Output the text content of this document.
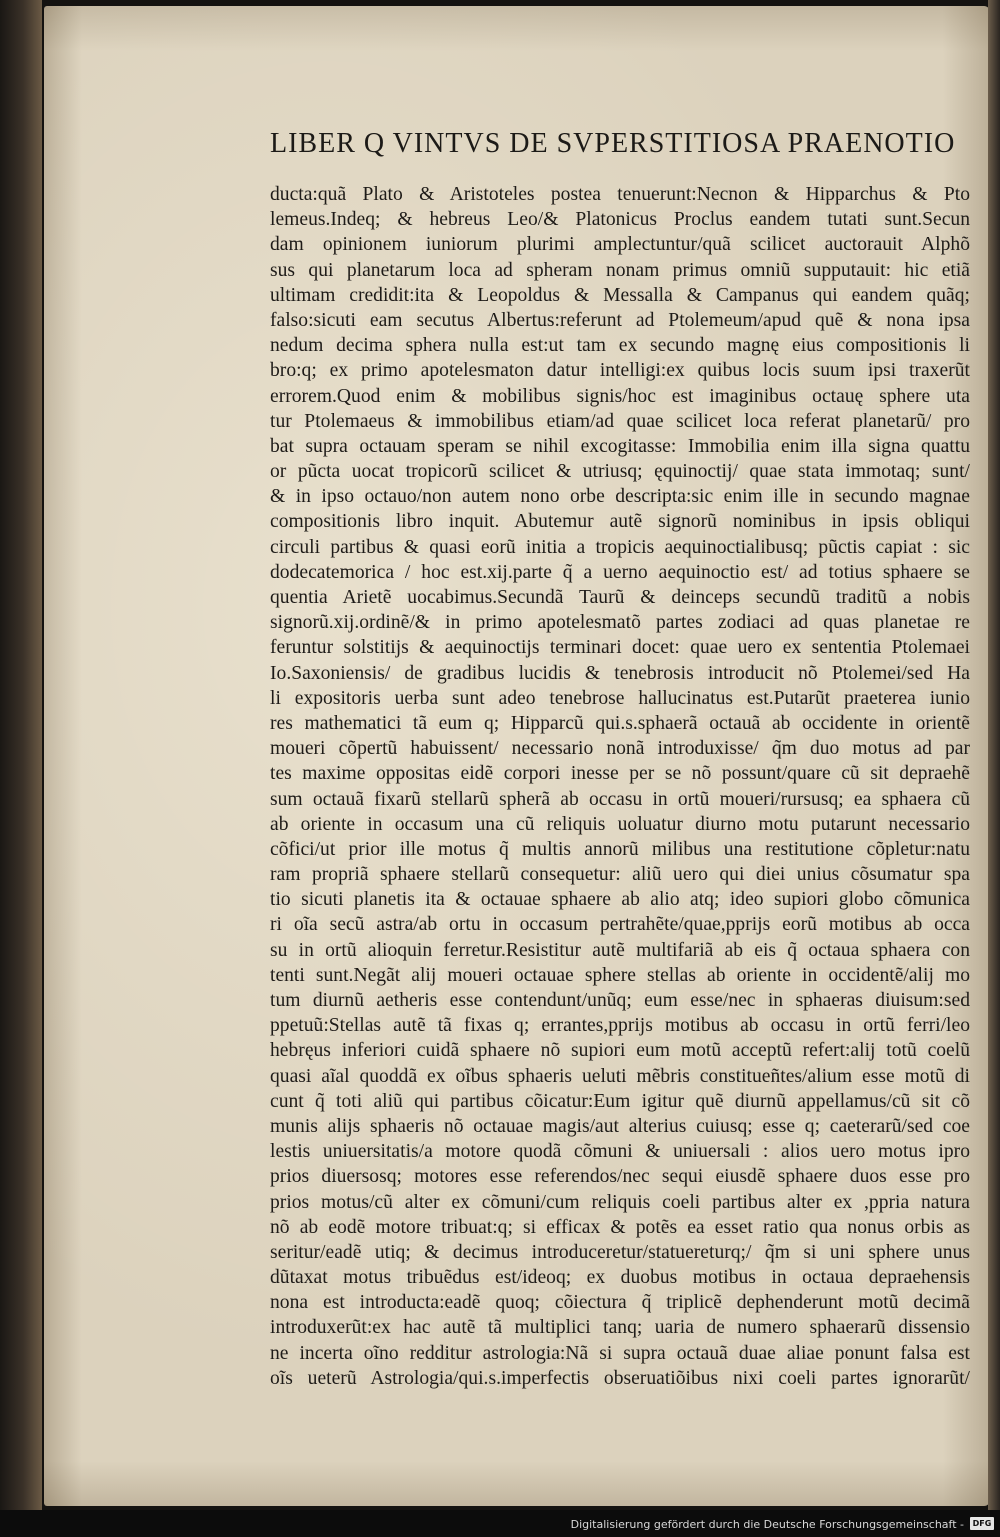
LIBER Q VINTVS DE SVPERSTITIOSA PRAENOTIO
ducta:quã Plato & Aristoteles postea tenuerunt:Necnon & Hipparchus & Pto
lemeus.Indeq; & hebreus Leo/& Platonicus Proclus eandem tutati sunt.Secun
dam opinionem iuniorum plurimi amplectuntur/quã scilicet auctorauit Alphõ
sus qui planetarum loca ad spheram nonam primus omniũ supputauit: hic etiã
ultimam credidit:ita & Leopoldus & Messalla & Campanus qui eandem quãq;
falso:sicuti eam secutus Albertus:referunt ad Ptolemeum/apud quẽ & nona ipsa
nedum decima sphera nulla est:ut tam ex secundo magnę eius compositionis li
bro:q; ex primo apotelesmaton datur intelligi:ex quibus locis suum ipsi traxerũt
errorem.Quod enim & mobilibus signis/hoc est imaginibus octauę sphere uta
tur Ptolemaeus & immobilibus etiam/ad quae scilicet loca referat planetarũ/ pro
bat supra octauam speram se nihil excogitasse: Immobilia enim illa signa quattu
or pũcta uocat tropicorũ scilicet & utriusq; ęquinoctij/ quae stata immotaq; sunt/
& in ipso octauo/non autem nono orbe descripta:sic enim ille in secundo magnae
compositionis libro inquit. Abutemur autẽ signorũ nominibus in ipsis obliqui
circuli partibus & quasi eorũ initia a tropicis aequinoctialibusq; pũctis capiat : sic
dodecatemorica / hoc est.xij.parte q̃ a uerno aequinoctio est/ ad totius sphaere se
quentia Arietẽ uocabimus.Secundã Taurũ & deinceps secundũ traditũ a nobis
signorũ.xij.ordinẽ/& in primo apotelesmatõ partes zodiaci ad quas planetae re
feruntur solstitijs & aequinoctijs terminari docet: quae uero ex sententia Ptolemaei
Io.Saxoniensis/ de gradibus lucidis & tenebrosis introducit nõ Ptolemei/sed Ha
li expositoris uerba sunt adeo tenebrose hallucinatus est.Putarũt praeterea iunio
res mathematici tã eum q; Hipparcũ qui.s.sphaerã octauã ab occidente in orientẽ
moueri cõpertũ habuissent/ necessario nonã introduxisse/ q̃m duo motus ad par
tes maxime oppositas eidẽ corpori inesse per se nõ possunt/quare cũ sit depraehẽ
sum octauã fixarũ stellarũ spherã ab occasu in ortũ moueri/rursusq; ea sphaera cũ
ab oriente in occasum una cũ reliquis uoluatur diurno motu putarunt necessario
cõfici/ut prior ille motus q̃ multis annorũ milibus una restitutione cõpletur:natu
ram propriã sphaere stellarũ consequetur: aliũ uero qui diei unius cõsumatur spa
tio sicuti planetis ita & octauae sphaere ab alio atq; ideo supiori globo cõmunica
ri oĩa secũ astra/ab ortu in occasum pertrahẽte/quae,pprijs eorũ motibus ab occa
su in ortũ alioquin ferretur.Resistitur autẽ multifariã ab eis q̃ octaua sphaera con
tenti sunt.Negãt alij moueri octauae sphere stellas ab oriente in occidentẽ/alij mo
tum diurnũ aetheris esse contendunt/unũq; eum esse/nec in sphaeras diuisum:sed
ppetuũ:Stellas autẽ tã fixas q; errantes,pprijs motibus ab occasu in ortũ ferri/leo
hebręus inferiori cuidã sphaere nõ supiori eum motũ acceptũ refert:alij totũ coelũ
quasi aĩal quoddã ex oĩbus sphaeris ueluti mẽbris constitueñtes/alium esse motũ di
cunt q̃ toti aliũ qui partibus cõicatur:Eum igitur quẽ diurnũ appellamus/cũ sit cõ
munis alijs sphaeris nõ octauae magis/aut alterius cuiusq; esse q; caeterarũ/sed coe
lestis uniuersitatis/a motore quodã cõmuni & uniuersali : alios uero motus ipro
prios diuersosq; motores esse referendos/nec sequi eiusdẽ sphaere duos esse pro
prios motus/cũ alter ex cõmuni/cum reliquis coeli partibus alter ex ,ppria natura
nõ ab eodẽ motore tribuat:q; si efficax & potẽs ea esset ratio qua nonus orbis as
seritur/eadẽ utiq; & decimus introduceretur/statuereturq;/ q̃m si uni sphere unus
dũtaxat motus tribuẽdus est/ideoq; ex duobus motibus in octaua depraehensis
nona est introducta:eadẽ quoq; cõiectura q̃ triplicẽ dephenderunt motũ decimã
introduxerũt:ex hac autẽ tã multiplici tanq; uaria de numero sphaerarũ dissensio
ne incerta oĩno redditur astrologia:Nã si supra octauã duae aliae ponunt falsa est
oĩs ueterũ Astrologia/qui.s.imperfectis obseruatiõibus nixi coeli partes ignorarũt/
Digitalisierung gefördert durch die Deutsche Forschungsgemeinschaft -	DFG
